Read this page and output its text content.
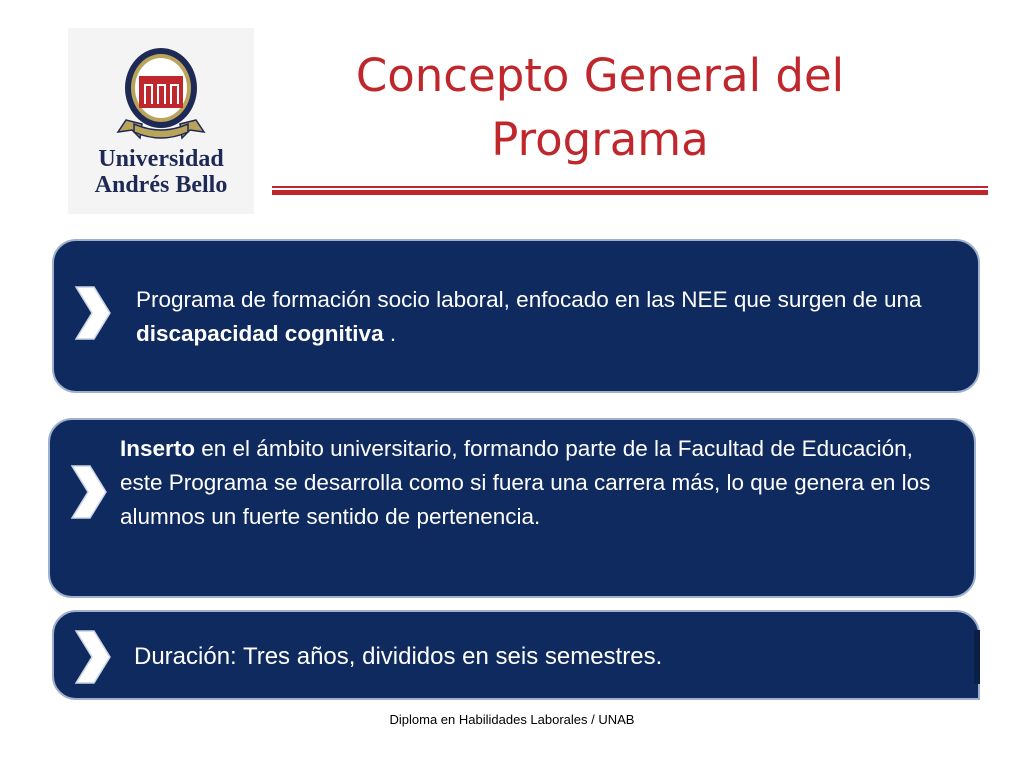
Universidad
Andrés Bello
Concepto General del
Programa
Programa de formación socio laboral, enfocado en las NEE que surgen de una discapacidad cognitiva .
Inserto en el ámbito universitario, formando parte de la Facultad de Educación, este Programa se desarrolla como si fuera una carrera más, lo que genera en los alumnos un fuerte sentido de pertenencia.
Duración: Tres años, divididos en seis semestres.
Diploma en Habilidades Laborales / UNAB
